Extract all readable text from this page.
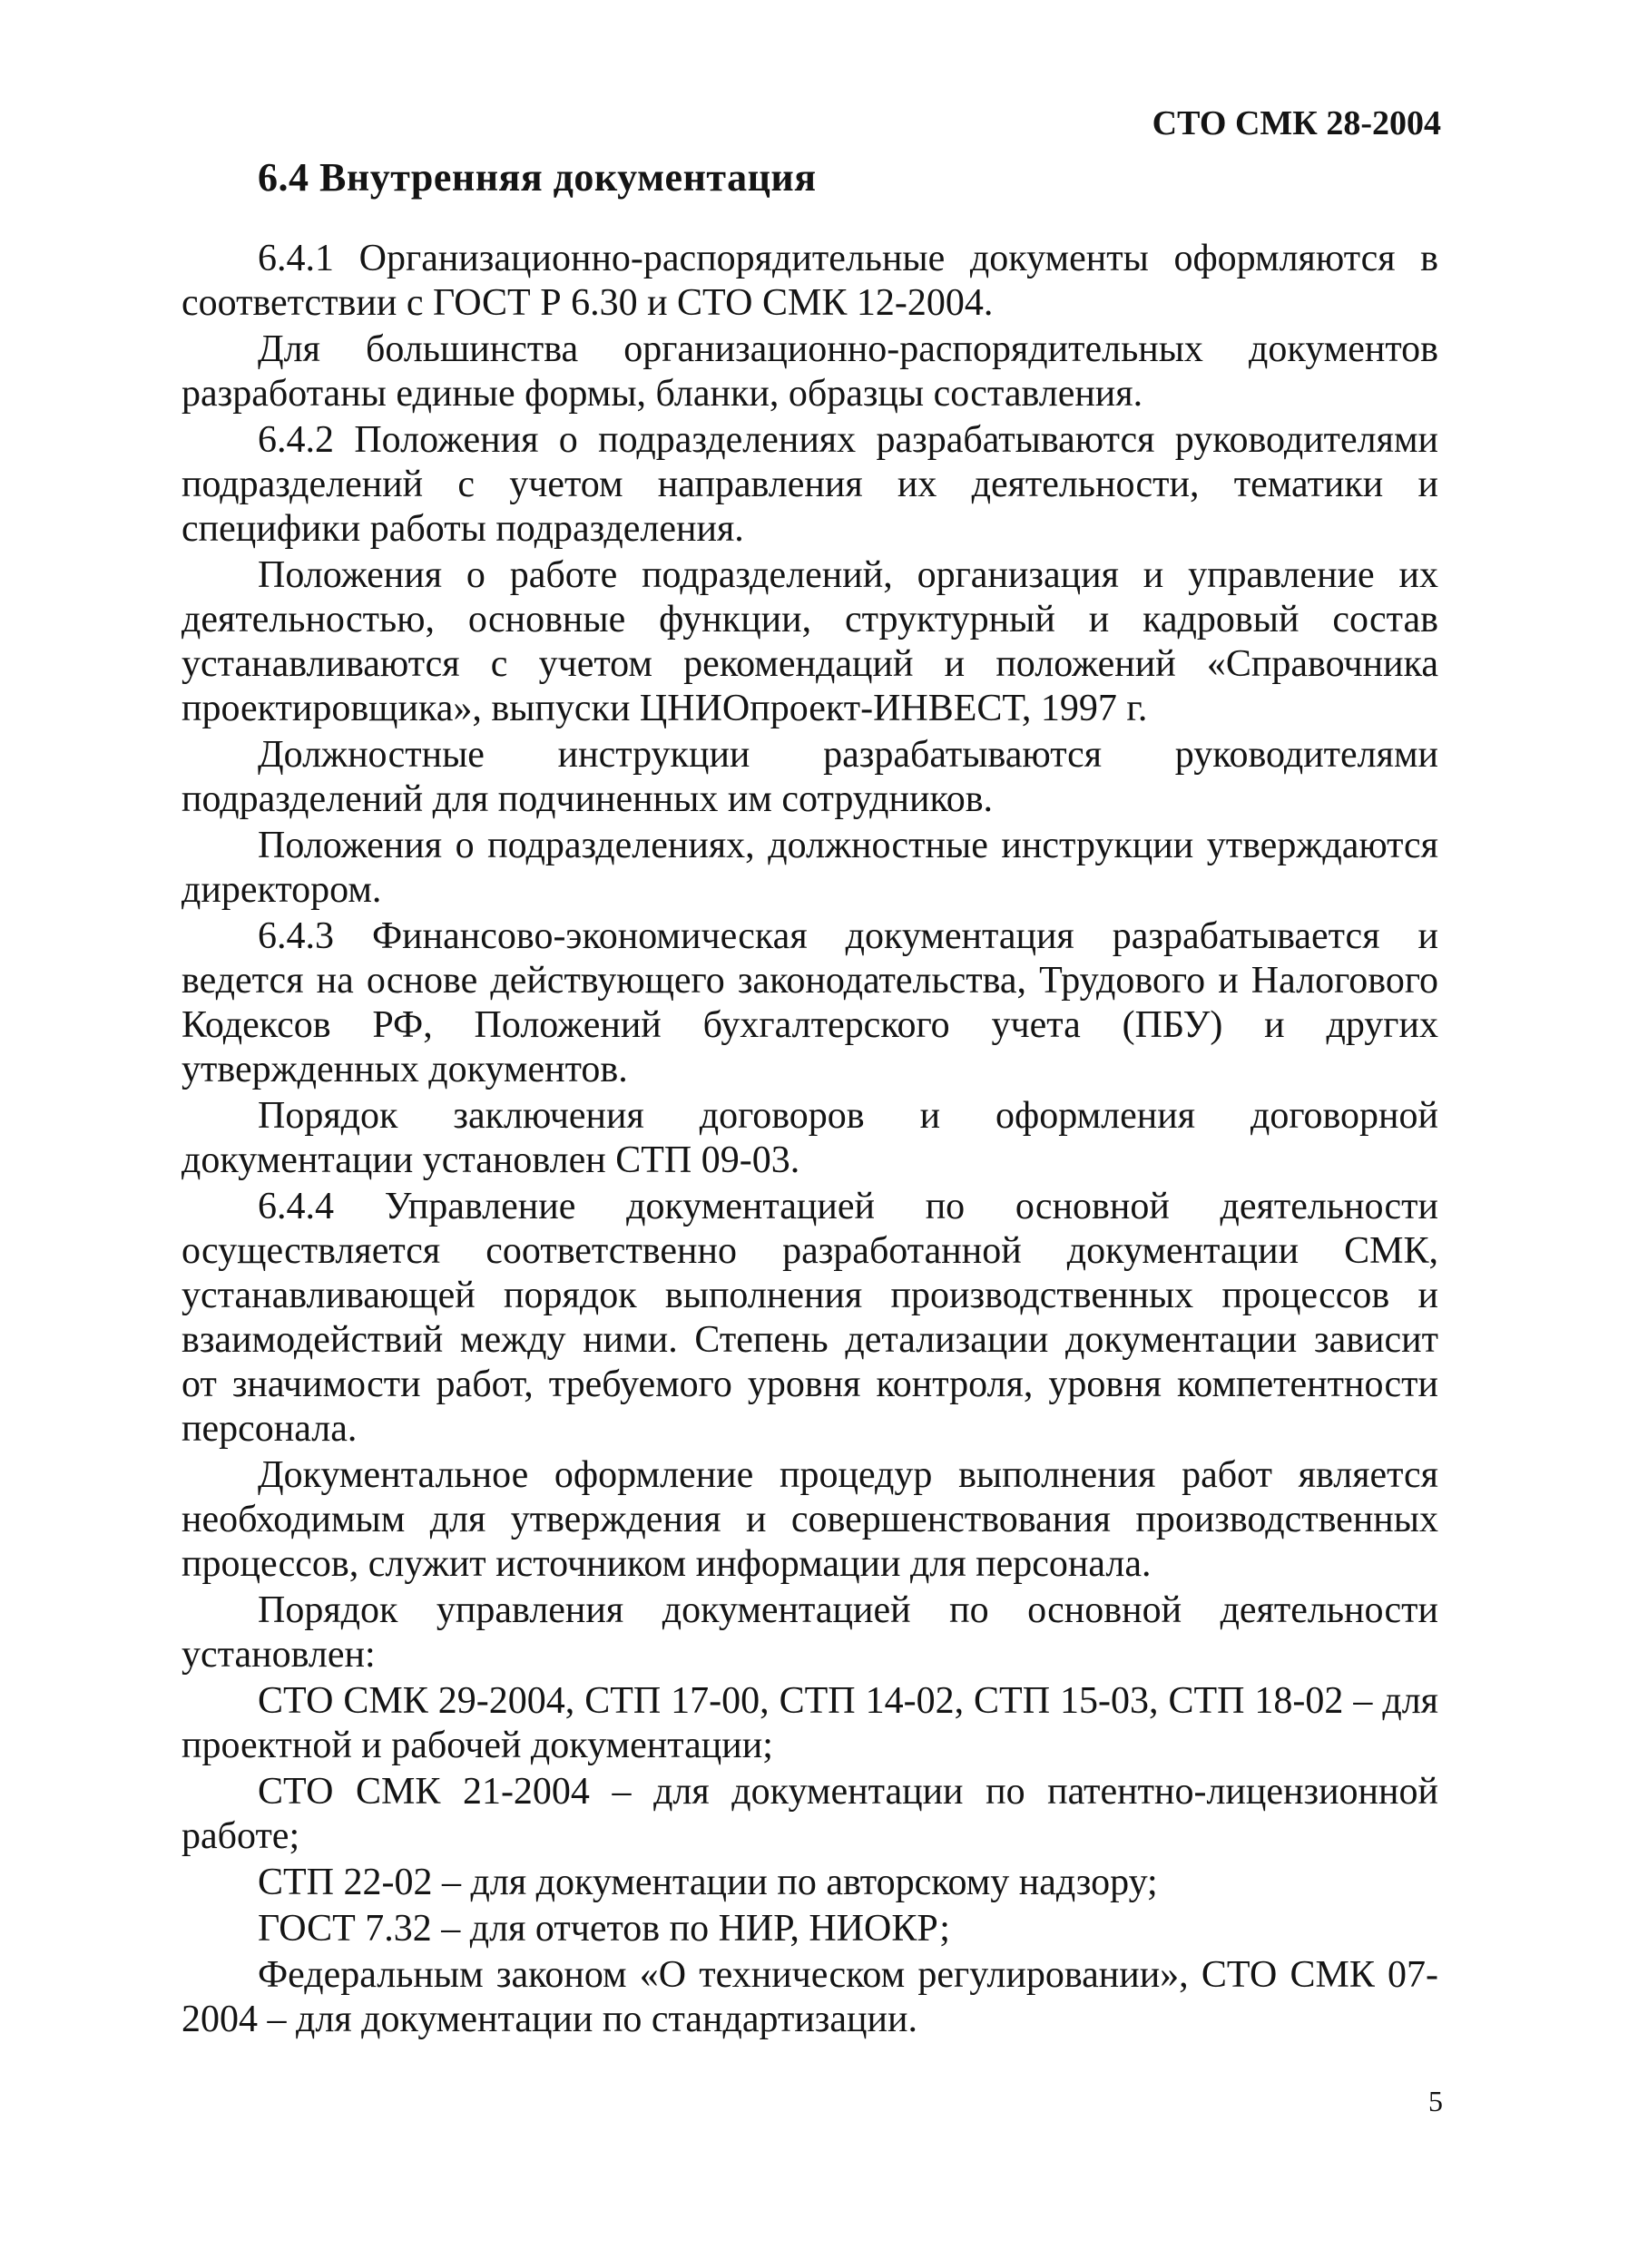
СТО СМК 28-2004

6.4 Внутренняя документация

6.4.1 Организационно-распорядительные документы оформляются в соответствии с ГОСТ Р 6.30 и СТО СМК 12-2004.

Для большинства организационно-распорядительных документов разработаны единые формы, бланки, образцы составления.

6.4.2 Положения о подразделениях разрабатываются руководителями подразделений с учетом направления их деятельности, тематики и специфики работы подразделения.

Положения о работе подразделений, организация и управление их деятельностью, основные функции, структурный и кадровый состав устанавливаются с учетом рекомендаций и положений «Справочника проектировщика», выпуски ЦНИОпроект-ИНВЕСТ, 1997 г.

Должностные инструкции разрабатываются руководителями подразделений для подчиненных им сотрудников.

Положения о подразделениях, должностные инструкции утверждаются директором.

6.4.3 Финансово-экономическая документация разрабатывается и ведется на основе действующего законодательства, Трудового и Налогового Кодексов РФ, Положений бухгалтерского учета (ПБУ) и других утвержденных документов.

Порядок заключения договоров и оформления договорной документации установлен СТП 09-03.

6.4.4 Управление документацией по основной деятельности осуществляется соответственно разработанной документации СМК, устанавливающей порядок выполнения производственных процессов и взаимодействий между ними. Степень детализации документации зависит от значимости работ, требуемого уровня контроля, уровня компетентности персонала.

Документальное оформление процедур выполнения работ является необходимым для утверждения и совершенствования производственных процессов, служит источником информации для персонала.

Порядок управления документацией по основной деятельности установлен:

СТО СМК 29-2004, СТП 17-00, СТП 14-02, СТП 15-03, СТП 18-02 – для проектной и рабочей документации;

СТО СМК 21-2004 – для документации по патентно-лицензионной работе;

СТП 22-02 – для документации по авторскому надзору;

ГОСТ 7.32 – для отчетов по НИР, НИОКР;

Федеральным законом «О техническом регулировании», СТО СМК 07-2004 – для документации по стандартизации.

5
